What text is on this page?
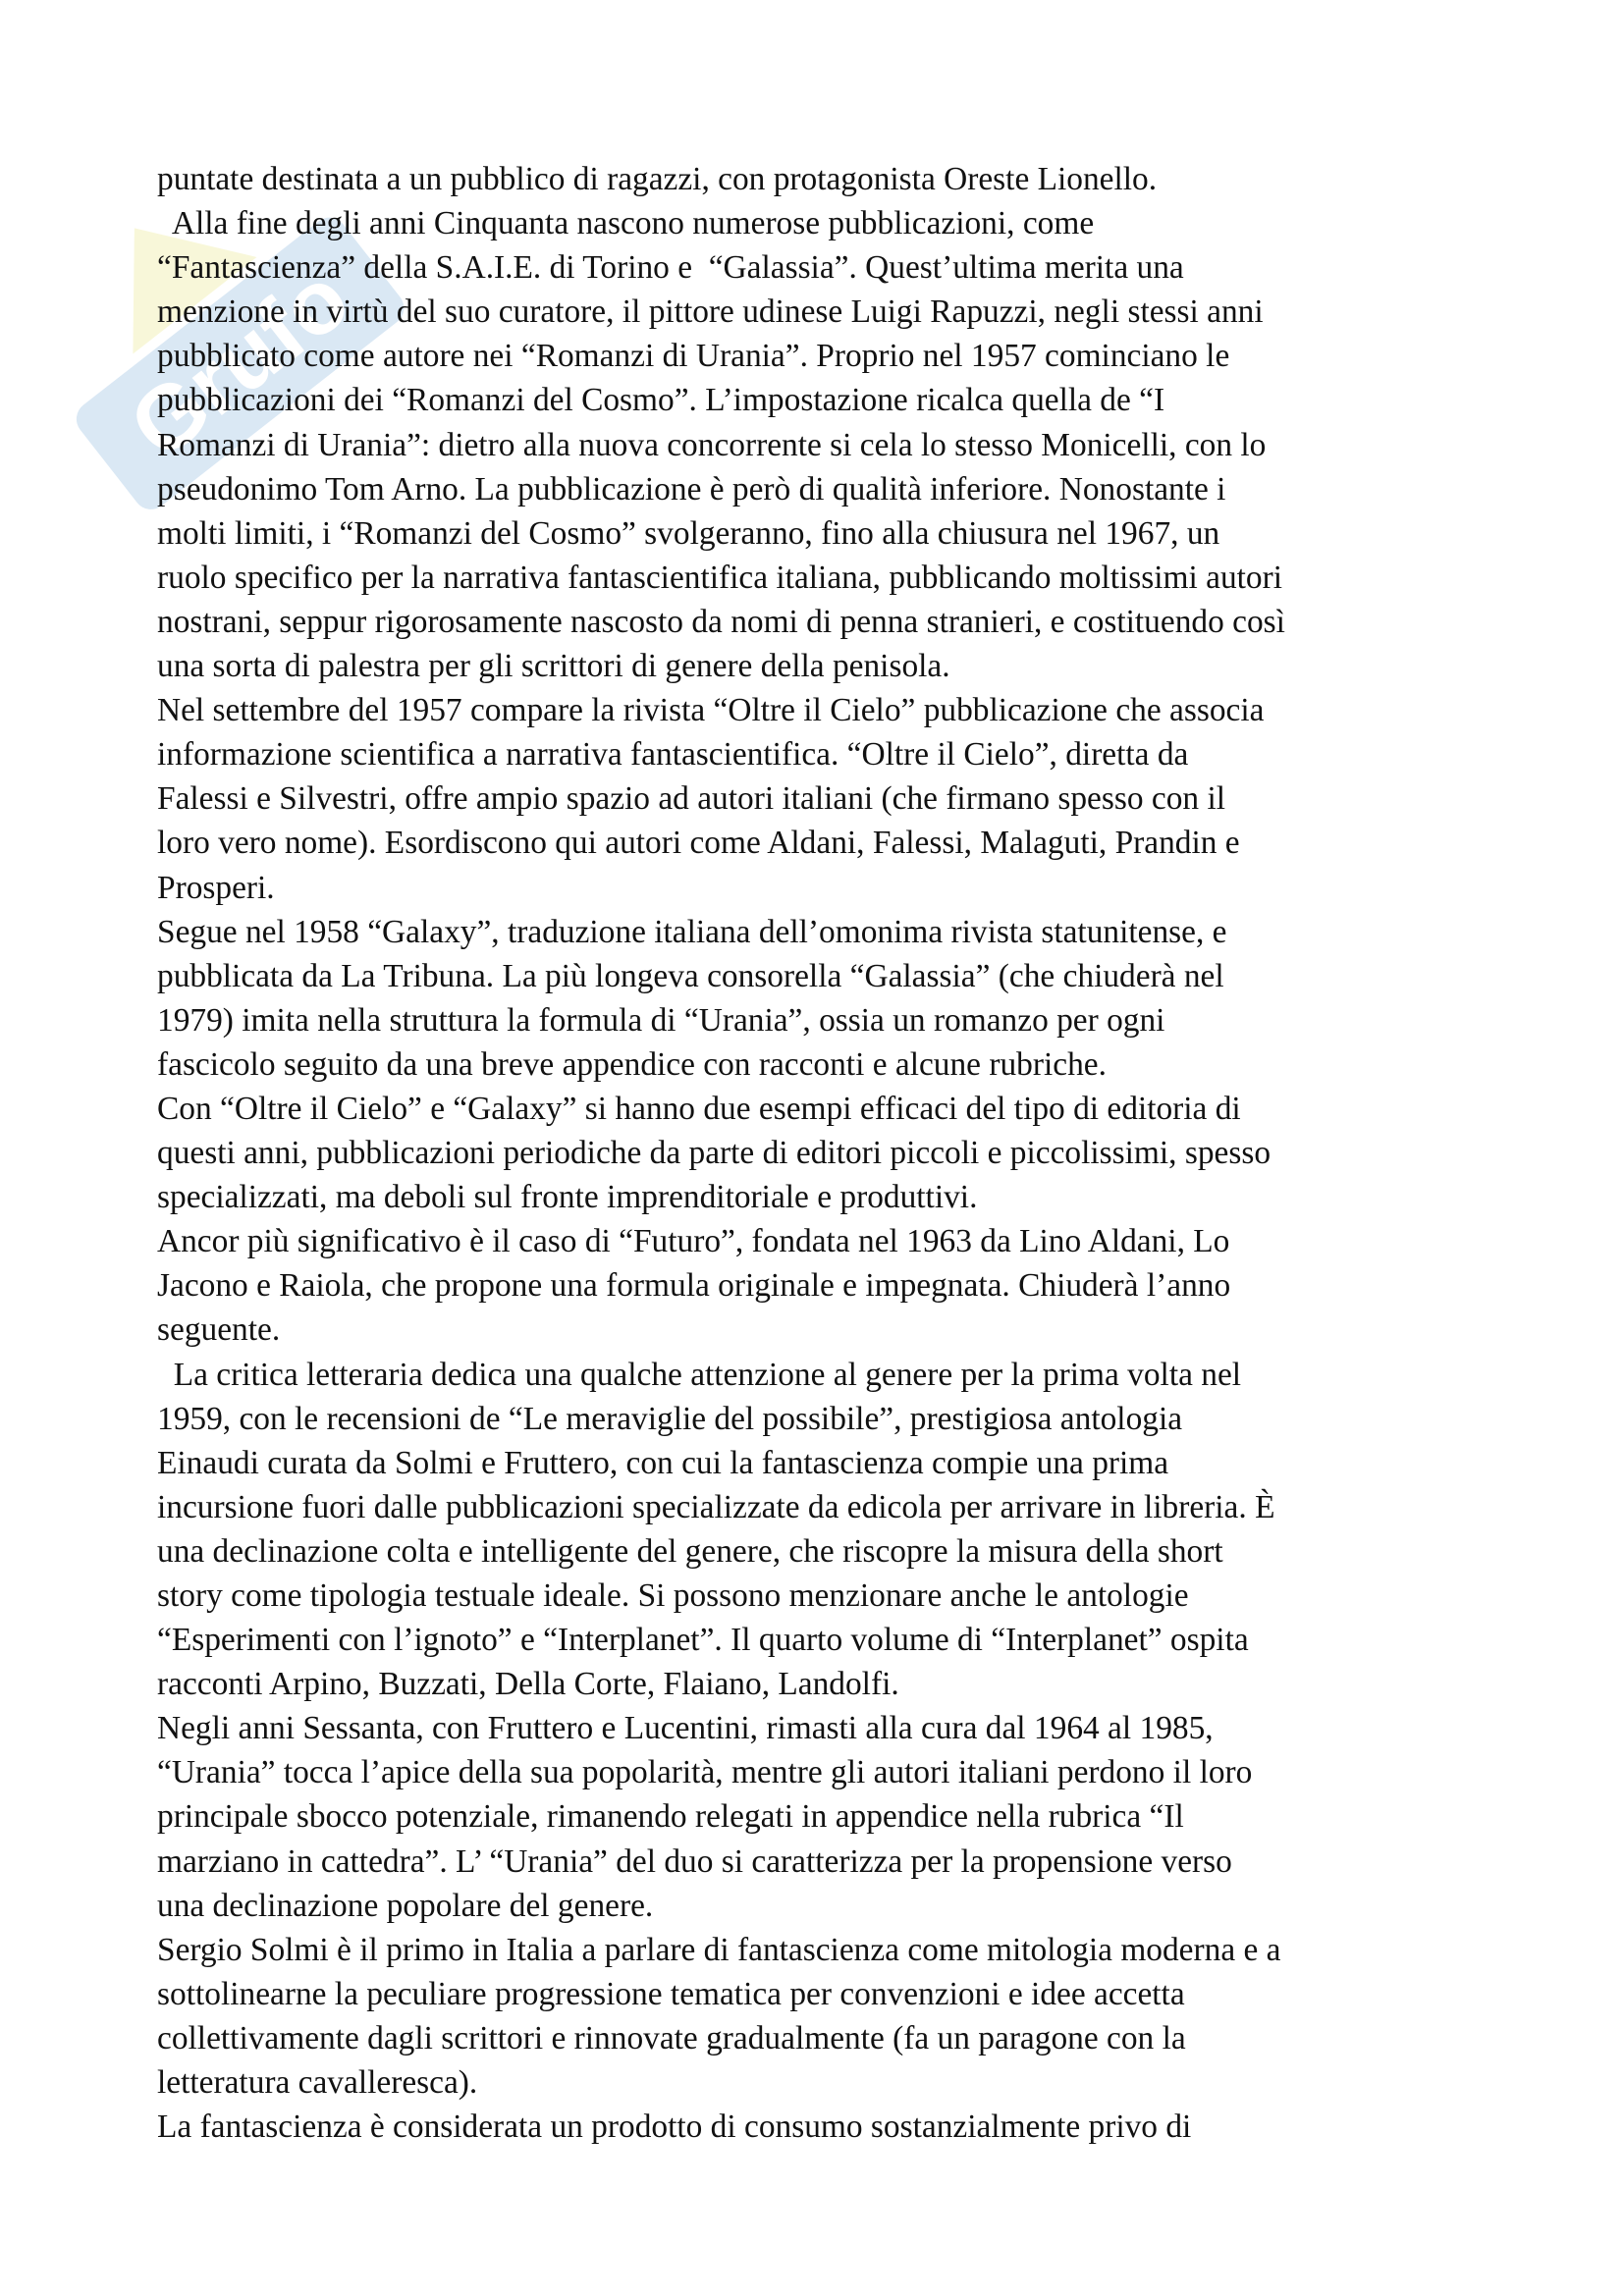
Grufo
puntate destinata a un pubblico di ragazzi, con protagonista Oreste Lionello.
Alla fine degli anni Cinquanta nascono numerose pubblicazioni, come
“Fantascienza” della S.A.I.E. di Torino e  “Galassia”. Quest’ultima merita una
menzione in virtù del suo curatore, il pittore udinese Luigi Rapuzzi, negli stessi anni
pubblicato come autore nei “Romanzi di Urania”. Proprio nel 1957 cominciano le
pubblicazioni dei “Romanzi del Cosmo”. L’impostazione ricalca quella de “I
Romanzi di Urania”: dietro alla nuova concorrente si cela lo stesso Monicelli, con lo
pseudonimo Tom Arno. La pubblicazione è però di qualità inferiore. Nonostante i
molti limiti, i “Romanzi del Cosmo” svolgeranno, fino alla chiusura nel 1967, un
ruolo specifico per la narrativa fantascientifica italiana, pubblicando moltissimi autori
nostrani, seppur rigorosamente nascosto da nomi di penna stranieri, e costituendo così
una sorta di palestra per gli scrittori di genere della penisola.
Nel settembre del 1957 compare la rivista “Oltre il Cielo” pubblicazione che associa
informazione scientifica a narrativa fantascientifica. “Oltre il Cielo”, diretta da
Falessi e Silvestri, offre ampio spazio ad autori italiani (che firmano spesso con il
loro vero nome). Esordiscono qui autori come Aldani, Falessi, Malaguti, Prandin e
Prosperi.
Segue nel 1958 “Galaxy”, traduzione italiana dell’omonima rivista statunitense, e
pubblicata da La Tribuna. La più longeva consorella “Galassia” (che chiuderà nel
1979) imita nella struttura la formula di “Urania”, ossia un romanzo per ogni
fascicolo seguito da una breve appendice con racconti e alcune rubriche.
Con “Oltre il Cielo” e “Galaxy” si hanno due esempi efficaci del tipo di editoria di
questi anni, pubblicazioni periodiche da parte di editori piccoli e piccolissimi, spesso
specializzati, ma deboli sul fronte imprenditoriale e produttivi.
Ancor più significativo è il caso di “Futuro”, fondata nel 1963 da Lino Aldani, Lo
Jacono e Raiola, che propone una formula originale e impegnata. Chiuderà l’anno
seguente.
La critica letteraria dedica una qualche attenzione al genere per la prima volta nel
1959, con le recensioni de “Le meraviglie del possibile”, prestigiosa antologia
Einaudi curata da Solmi e Fruttero, con cui la fantascienza compie una prima
incursione fuori dalle pubblicazioni specializzate da edicola per arrivare in libreria. È
una declinazione colta e intelligente del genere, che riscopre la misura della short
story come tipologia testuale ideale. Si possono menzionare anche le antologie
“Esperimenti con l’ignoto” e “Interplanet”. Il quarto volume di “Interplanet” ospita
racconti Arpino, Buzzati, Della Corte, Flaiano, Landolfi.
Negli anni Sessanta, con Fruttero e Lucentini, rimasti alla cura dal 1964 al 1985,
“Urania” tocca l’apice della sua popolarità, mentre gli autori italiani perdono il loro
principale sbocco potenziale, rimanendo relegati in appendice nella rubrica “Il
marziano in cattedra”. L’ “Urania” del duo si caratterizza per la propensione verso
una declinazione popolare del genere.
Sergio Solmi è il primo in Italia a parlare di fantascienza come mitologia moderna e a
sottolinearne la peculiare progressione tematica per convenzioni e idee accetta
collettivamente dagli scrittori e rinnovate gradualmente (fa un paragone con la
letteratura cavalleresca).
La fantascienza è considerata un prodotto di consumo sostanzialmente privo di
